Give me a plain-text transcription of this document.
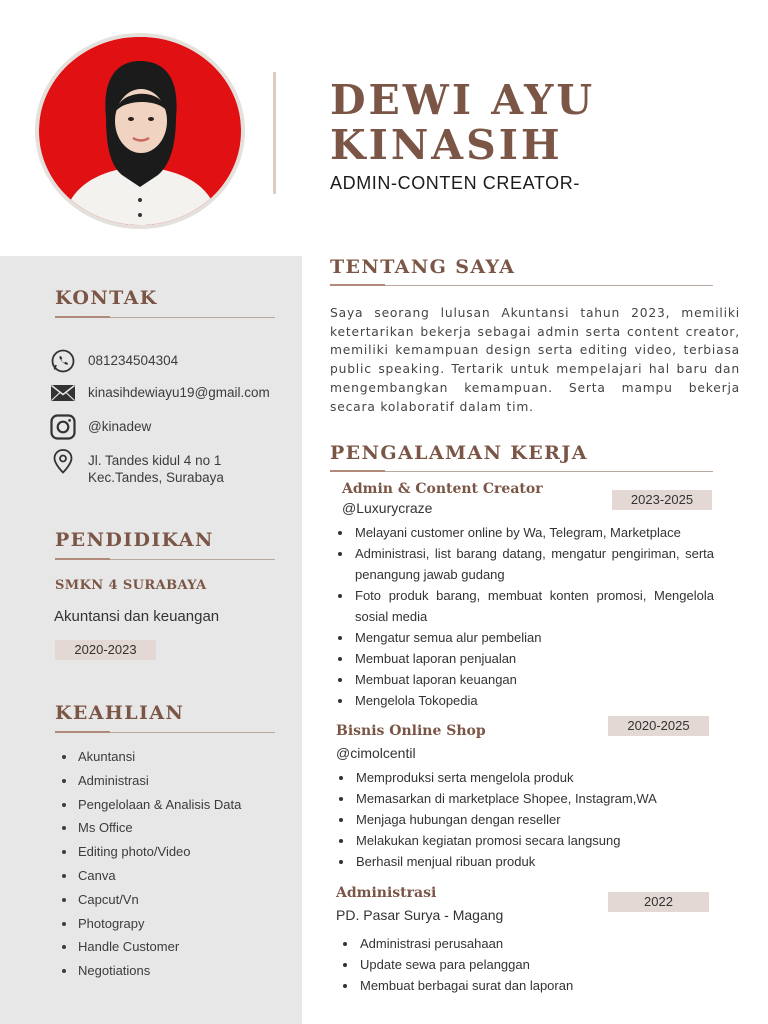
DEWI AYU
KINASIH
ADMIN-CONTEN CREATOR-
KONTAK
081234504304
kinasihdewiayu19@gmail.com
@kinadew
Jl. Tandes kidul 4 no 1
Kec.Tandes, Surabaya
PENDIDIKAN
SMKN 4 SURABAYA
Akuntansi dan keuangan
2020-2023
KEAHLIAN
Akuntansi
Administrasi
Pengelolaan & Analisis Data
Ms Office
Editing photo/Video
Canva
Capcut/Vn
Photograpy
Handle Customer
Negotiations
TENTANG SAYA
Saya seorang lulusan Akuntansi tahun 2023, memiliki ketertarikan bekerja sebagai admin serta content creator, memiliki kemampuan design serta editing video, terbiasa public speaking. Tertarik untuk mempelajari hal baru dan mengembangkan kemampuan. Serta mampu bekerja secara kolaboratif dalam tim.
PENGALAMAN KERJA
Admin & Content Creator
@Luxurycraze
2023-2025
Melayani customer online by Wa, Telegram, Marketplace
Administrasi, list barang datang, mengatur pengiriman, serta penangung jawab gudang
Foto produk barang, membuat konten promosi, Mengelola sosial media
Mengatur semua alur pembelian
Membuat laporan penjualan
Membuat laporan keuangan
Mengelola Tokopedia
Bisnis Online Shop
@cimolcentil
2020-2025
Memproduksi serta mengelola produk
Memasarkan di marketplace Shopee, Instagram,WA
Menjaga hubungan dengan reseller
Melakukan kegiatan promosi secara langsung
Berhasil menjual ribuan produk
Administrasi
PD. Pasar Surya - Magang
2022
Administrasi perusahaan
Update sewa para pelanggan
Membuat berbagai surat dan laporan
